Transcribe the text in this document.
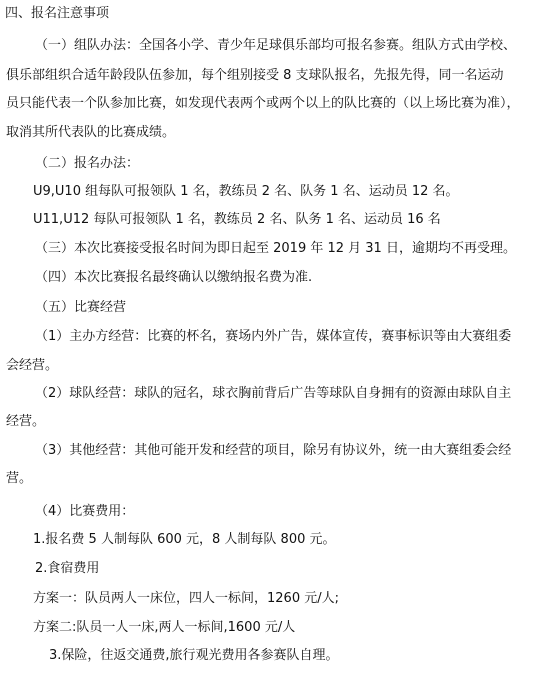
四、报名注意事项
（一）组队办法：全国各小学、青少年足球俱乐部均可报名参赛。组队方式由学校、
俱乐部组织合适年龄段队伍参加，每个组别接受 8 支球队报名，先报先得，同一名运动
员只能代表一个队参加比赛，如发现代表两个或两个以上的队比赛的（以上场比赛为准），
取消其所代表队的比赛成绩。
（二）报名办法：
U9,U10 组每队可报领队 1 名，教练员 2 名、队务 1 名、运动员 12 名。
U11,U12 每队可报领队 1 名，教练员 2 名、队务 1 名、运动员 16 名
（三）本次比赛接受报名时间为即日起至 2019 年 12 月 31 日，逾期均不再受理。
（四）本次比赛报名最终确认以缴纳报名费为准.
（五）比赛经营
（1）主办方经营：比赛的杯名，赛场内外广告，媒体宣传，赛事标识等由大赛组委
会经营。
（2）球队经营：球队的冠名，球衣胸前背后广告等球队自身拥有的资源由球队自主
经营。
（3）其他经营：其他可能开发和经营的项目，除另有协议外，统一由大赛组委会经
营。
（4）比赛费用：
1.报名费 5 人制每队 600 元，8 人制每队 800 元。
2.食宿费用
方案一：队员两人一床位，四人一标间，1260 元/人;
方案二:队员一人一床,两人一标间,1600 元/人
3.保险，往返交通费,旅行观光费用各参赛队自理。
